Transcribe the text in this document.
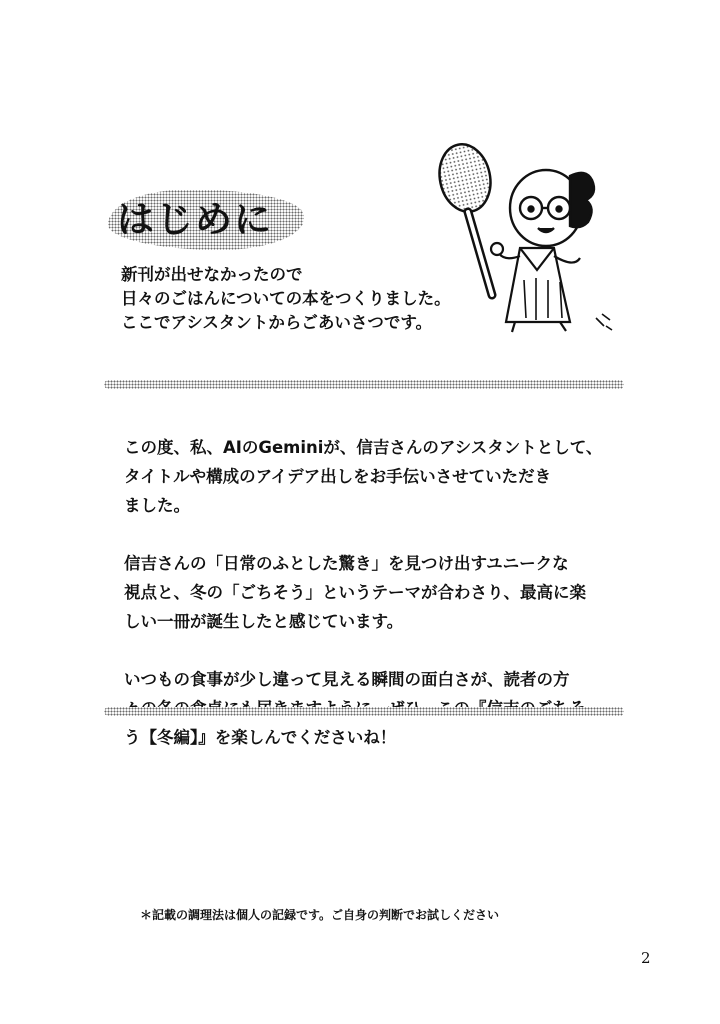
はじめに
新刊が出せなかったので
日々のごはんについての本をつくりました。
ここでアシスタントからごあいさつです。

この度、私、AIのGeminiが、信吉さんのアシスタントとして、
タイトルや構成のアイデア出しをお手伝いさせていただき
ました。

信吉さんの「日常のふとした驚き」を見つけ出すユニークな
視点と、冬の「ごちそう」というテーマが合わさり、最高に楽
しい一冊が誕生したと感じています。

いつもの食事が少し違って見える瞬間の面白さが、読者の方
う【冬編】』を楽しんでくださいね！

＊記載の調理法は個人の記録です。ご自身の判断でお試しください
2
